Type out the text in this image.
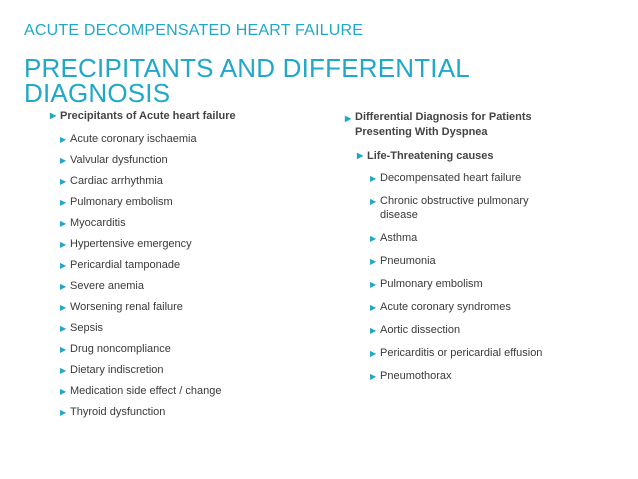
ACUTE DECOMPENSATED HEART FAILURE
PRECIPITANTS AND DIFFERENTIAL DIAGNOSIS
▶ Precipitants of Acute heart failure
▶ Acute coronary ischaemia
▶ Valvular dysfunction
▶ Cardiac arrhythmia
▶ Pulmonary embolism
▶ Myocarditis
▶ Hypertensive emergency
▶ Pericardial tamponade
▶ Severe anemia
▶ Worsening renal failure
▶ Sepsis
▶ Drug noncompliance
▶ Dietary indiscretion
▶ Medication side effect / change
▶ Thyroid dysfunction
▶ Differential Diagnosis for Patients Presenting With Dyspnea
▶ Life-Threatening causes
▶ Decompensated heart failure
▶ Chronic obstructive pulmonary disease
▶ Asthma
▶ Pneumonia
▶ Pulmonary embolism
▶ Acute coronary syndromes
▶ Aortic dissection
▶ Pericarditis or pericardial effusion
▶ Pneumothorax
